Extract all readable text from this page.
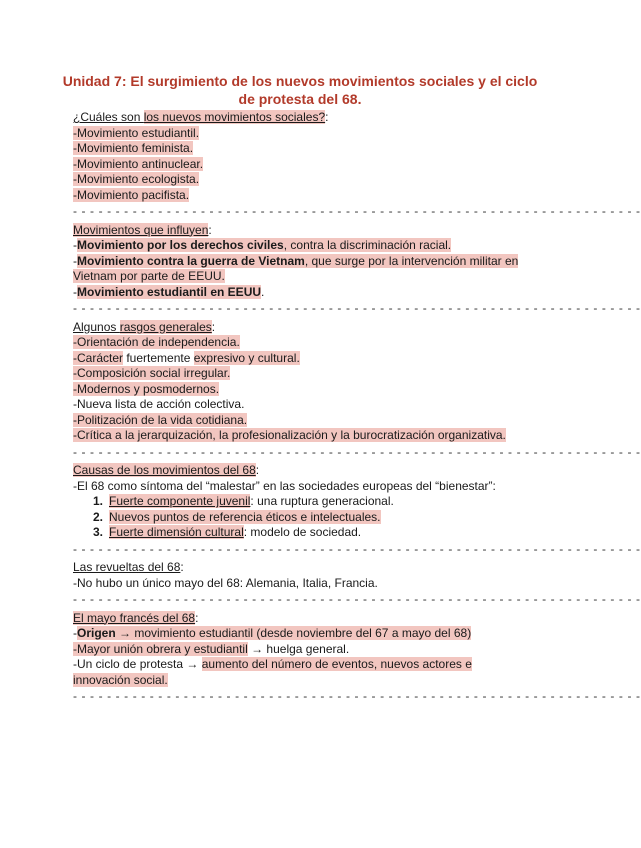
Unidad 7: El surgimiento de los nuevos movimientos sociales y el ciclo de protesta del 68.
¿Cuáles son los nuevos movimientos sociales?:
-Movimiento estudiantil.
-Movimiento feminista.
-Movimiento antinuclear.
-Movimiento ecologista.
-Movimiento pacifista.
- - - - - - - - - - - - - - - - - - - - - - - - - - - - - - - - - - - - - - - - - - - - - - - - - - - - - - - - - - - - - - - - - - -
Movimientos que influyen:
-Movimiento por los derechos civiles, contra la discriminación racial.
-Movimiento contra la guerra de Vietnam, que surge por la intervención militar en
Vietnam por parte de EEUU.
-Movimiento estudiantil en EEUU.
- - - - - - - - - - - - - - - - - - - - - - - - - - - - - - - - - - - - - - - - - - - - - - - - - - - - - - - - - - - - - - - - - - -
Algunos rasgos generales:
-Orientación de independencia.
-Carácter fuertemente expresivo y cultural.
-Composición social irregular.
-Modernos y posmodernos.
-Nueva lista de acción colectiva.
-Politización de la vida cotidiana.
-Crítica a la jerarquización, la profesionalización y la burocratización organizativa.
- - - - - - - - - - - - - - - - - - - - - - - - - - - - - - - - - - - - - - - - - - - - - - - - - - - - - - - - - - - - - - - - - - -
Causas de los movimientos del 68:
-El 68 como síntoma del “malestar” en las sociedades europeas del “bienestar”:
1. Fuerte componente juvenil: una ruptura generacional.
2. Nuevos puntos de referencia éticos e intelectuales.
3. Fuerte dimensión cultural: modelo de sociedad.
- - - - - - - - - - - - - - - - - - - - - - - - - - - - - - - - - - - - - - - - - - - - - - - - - - - - - - - - - - - - - - - - - - -
Las revueltas del 68:
-No hubo un único mayo del 68: Alemania, Italia, Francia.
- - - - - - - - - - - - - - - - - - - - - - - - - - - - - - - - - - - - - - - - - - - - - - - - - - - - - - - - - - - - - - - - - - -
El mayo francés del 68:
-Origen → movimiento estudiantil (desde noviembre del 67 a mayo del 68)
-Mayor unión obrera y estudiantil → huelga general.
-Un ciclo de protesta → aumento del número de eventos, nuevos actores e
innovación social.
- - - - - - - - - - - - - - - - - - - - - - - - - - - - - - - - - - - - - - - - - - - - - - - - - - - - - - - - - - - - - - - - - - -
